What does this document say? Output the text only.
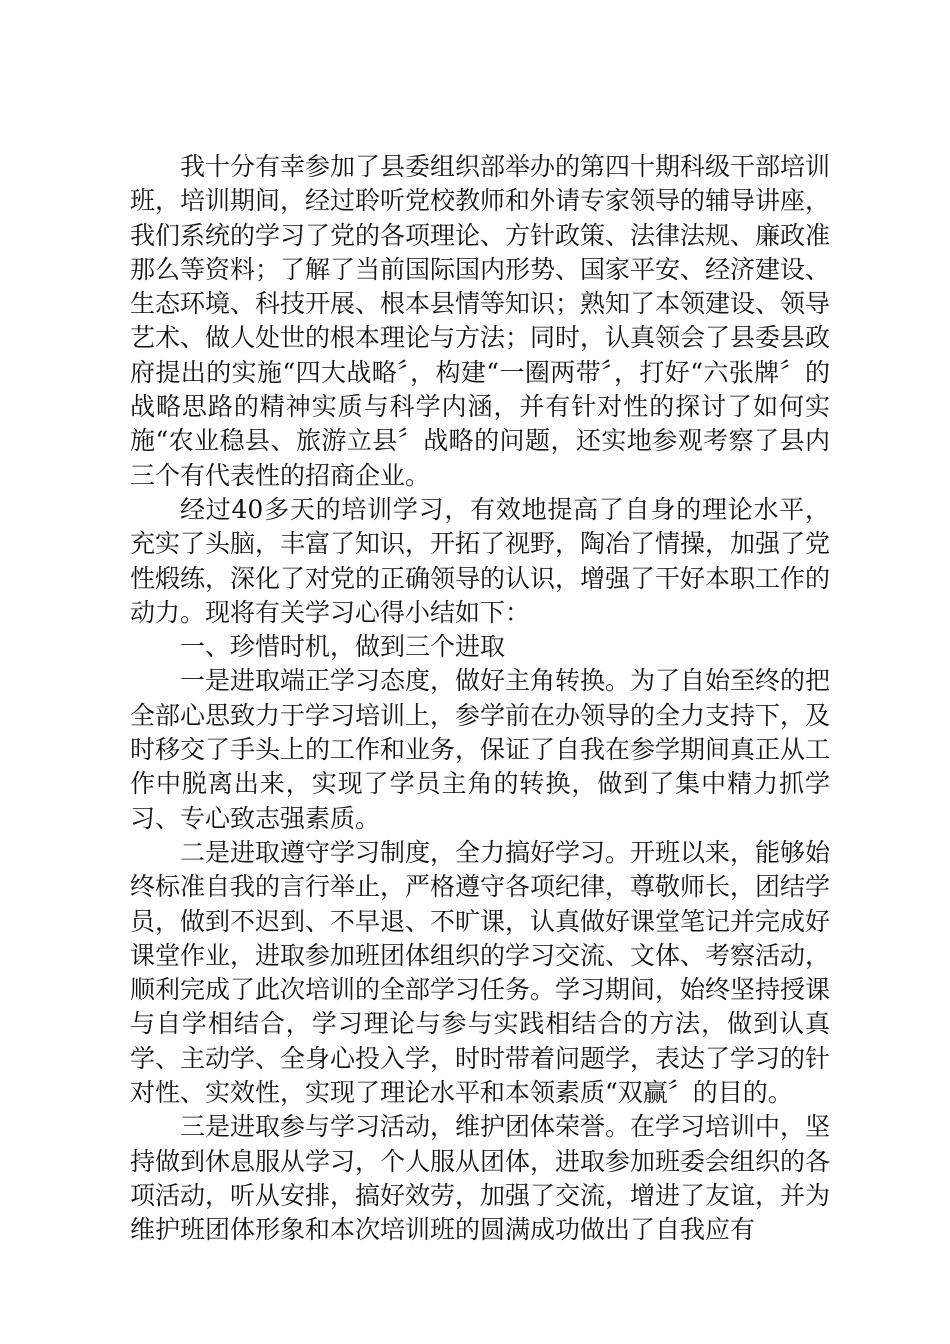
我十分有幸参加了县委组织部举办的第四十期科级干部培训班，培训期间，经过聆听党校教师和外请专家领导的辅导讲座，我们系统的学习了党的各项理论、方针政策、法律法规、廉政准那么等资料；了解了当前国际国内形势、国家平安、经济建设、生态环境、科技开展、根本县情等知识；熟知了本领建设、领导艺术、做人处世的根本理论与方法；同时，认真领会了县委县政府提出的实施“四大战略〞，构建“一圈两带〞，打好“六张牌〞的战略思路的精神实质与科学内涵，并有针对性的探讨了如何实施“农业稳县、旅游立县〞战略的问题，还实地参观考察了县内三个有代表性的招商企业。

经过40多天的培训学习，有效地提高了自身的理论水平，充实了头脑，丰富了知识，开拓了视野，陶冶了情操，加强了党性煅练，深化了对党的正确领导的认识，增强了干好本职工作的动力。现将有关学习心得小结如下：

一、珍惜时机，做到三个进取

一是进取端正学习态度，做好主角转换。为了自始至终的把全部心思致力于学习培训上，参学前在办领导的全力支持下，及时移交了手头上的工作和业务，保证了自我在参学期间真正从工作中脱离出来，实现了学员主角的转换，做到了集中精力抓学习、专心致志强素质。

二是进取遵守学习制度，全力搞好学习。开班以来，能够始终标准自我的言行举止，严格遵守各项纪律，尊敬师长，团结学员，做到不迟到、不早退、不旷课，认真做好课堂笔记并完成好课堂作业，进取参加班团体组织的学习交流、文体、考察活动，顺利完成了此次培训的全部学习任务。学习期间，始终坚持授课与自学相结合，学习理论与参与实践相结合的方法，做到认真学、主动学、全身心投入学，时时带着问题学，表达了学习的针对性、实效性，实现了理论水平和本领素质“双赢〞的目的。

三是进取参与学习活动，维护团体荣誉。在学习培训中，坚持做到休息服从学习，个人服从团体，进取参加班委会组织的各项活动，听从安排，搞好效劳，加强了交流，增进了友谊，并为维护班团体形象和本次培训班的圆满成功做出了自我应有
